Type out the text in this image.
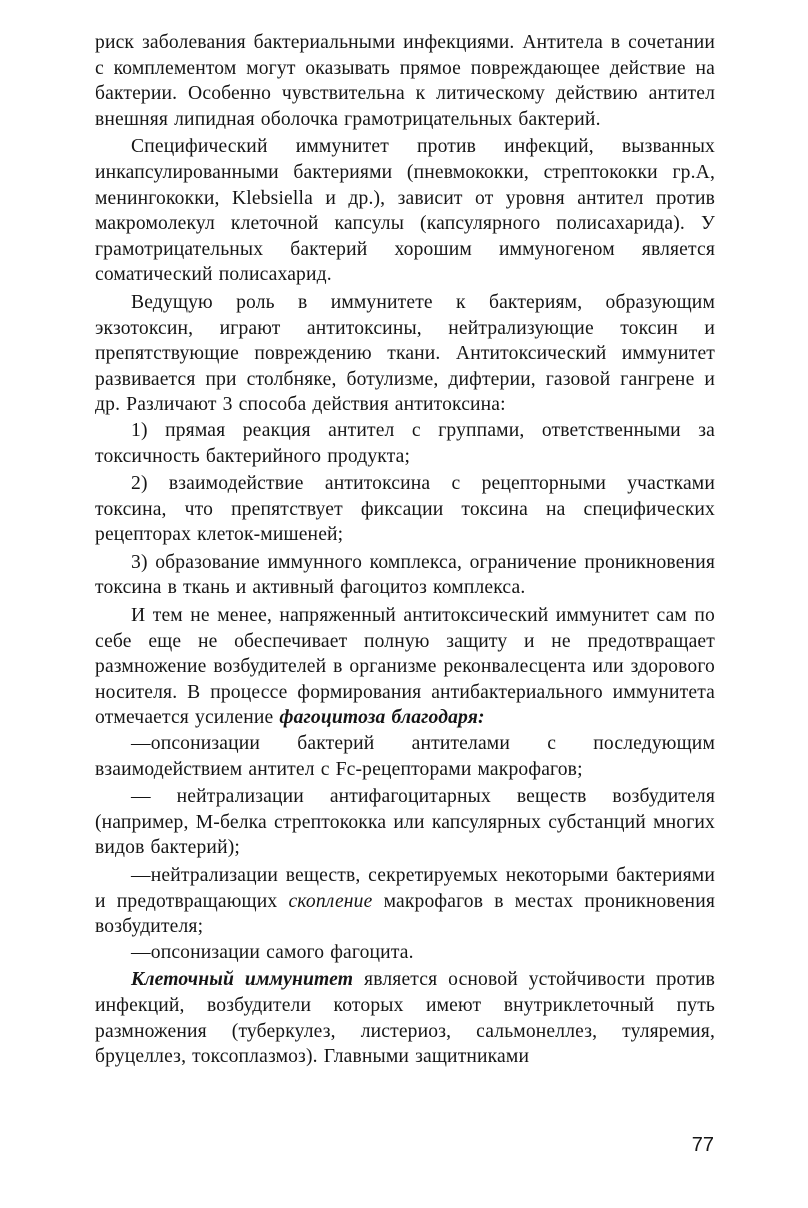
риск заболевания бактериальными инфекциями. Антитела в сочетании с комплементом могут оказывать прямое повреждающее действие на бактерии. Особенно чувствительна к литическому действию антител внешняя липидная оболочка грамотрицательных бактерий.

Специфический иммунитет против инфекций, вызванных инкапсулированными бактериями (пневмококки, стрептококки гр.А, менингококки, Klebsiella и др.), зависит от уровня антител против макромолекул клеточной капсулы (капсулярного полисахарида). У грамотрицательных бактерий хорошим иммуногеном является соматический полисахарид.

Ведущую роль в иммунитете к бактериям, образующим экзотоксин, играют антитоксины, нейтрализующие токсин и препятствующие повреждению ткани. Антитоксический иммунитет развивается при столбняке, ботулизме, дифтерии, газовой гангрене и др. Различают 3 способа действия антитоксина:

1) прямая реакция антител с группами, ответственными за токсичность бактерийного продукта;

2) взаимодействие антитоксина с рецепторными участками токсина, что препятствует фиксации токсина на специфических рецепторах клеток-мишеней;

3) образование иммунного комплекса, ограничение проникновения токсина в ткань и активный фагоцитоз комплекса.

И тем не менее, напряженный антитоксический иммунитет сам по себе еще не обеспечивает полную защиту и не предотвращает размножение возбудителей в организме реконвалесцента или здорового носителя. В процессе формирования антибактериального иммунитета отмечается усиление фагоцитоза благодаря:

—опсонизации бактерий антителами с последующим взаимодействием антител с Fc-рецепторами макрофагов;

— нейтрализации антифагоцитарных веществ возбудителя (например, М-белка стрептококка или капсулярных субстанций многих видов бактерий);

—нейтрализации веществ, секретируемых некоторыми бактериями и предотвращающих скопление макрофагов в местах проникновения возбудителя;

—опсонизации самого фагоцита.

Клеточный иммунитет является основой устойчивости против инфекций, возбудители которых имеют внутриклеточный путь размножения (туберкулез, листериоз, сальмонеллез, туляремия, бруцеллез, токсоплазмоз). Главными защитниками

77
